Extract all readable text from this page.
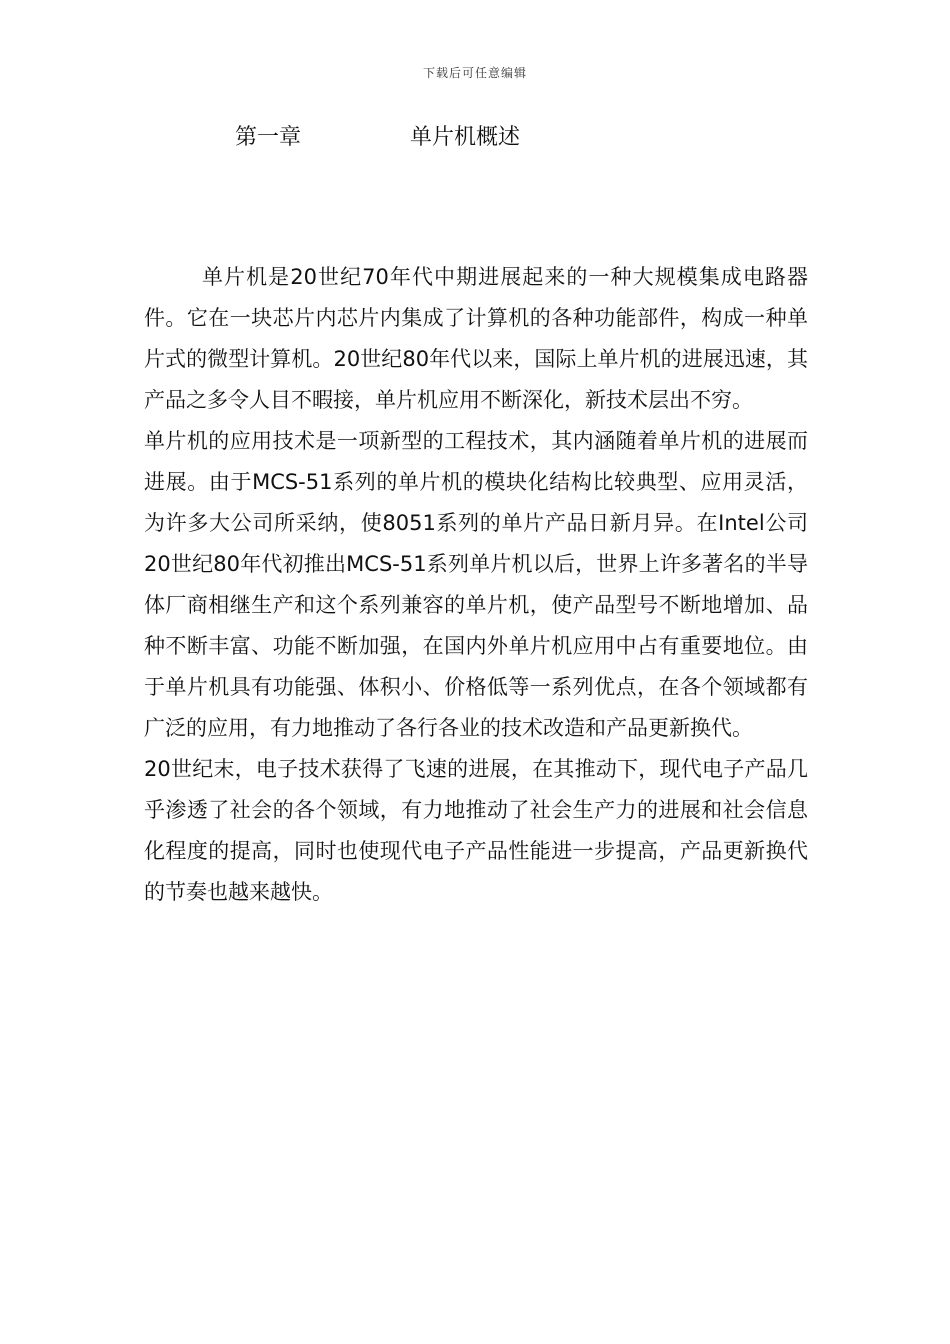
下载后可任意编辑
第一章	单片机概述

单片机是20世纪70年代中期进展起来的一种大规模集成电路器件。它在一块芯片内芯片内集成了计算机的各种功能部件，构成一种单片式的微型计算机。20世纪80年代以来，国际上单片机的进展迅速，其产品之多令人目不暇接，单片机应用不断深化，新技术层出不穷。

单片机的应用技术是一项新型的工程技术，其内涵随着单片机的进展而进展。由于MCS-51系列的单片机的模块化结构比较典型、应用灵活，为许多大公司所采纳，使8051系列的单片产品日新月异。在Intel公司20世纪80年代初推出MCS-51系列单片机以后，世界上许多著名的半导体厂商相继生产和这个系列兼容的单片机，使产品型号不断地增加、品种不断丰富、功能不断加强，在国内外单片机应用中占有重要地位。由于单片机具有功能强、体积小、价格低等一系列优点，在各个领域都有广泛的应用，有力地推动了各行各业的技术改造和产品更新换代。

20世纪末，电子技术获得了飞速的进展，在其推动下，现代电子产品几乎渗透了社会的各个领域，有力地推动了社会生产力的进展和社会信息化程度的提高，同时也使现代电子产品性能进一步提高，产品更新换代的节奏也越来越快。
